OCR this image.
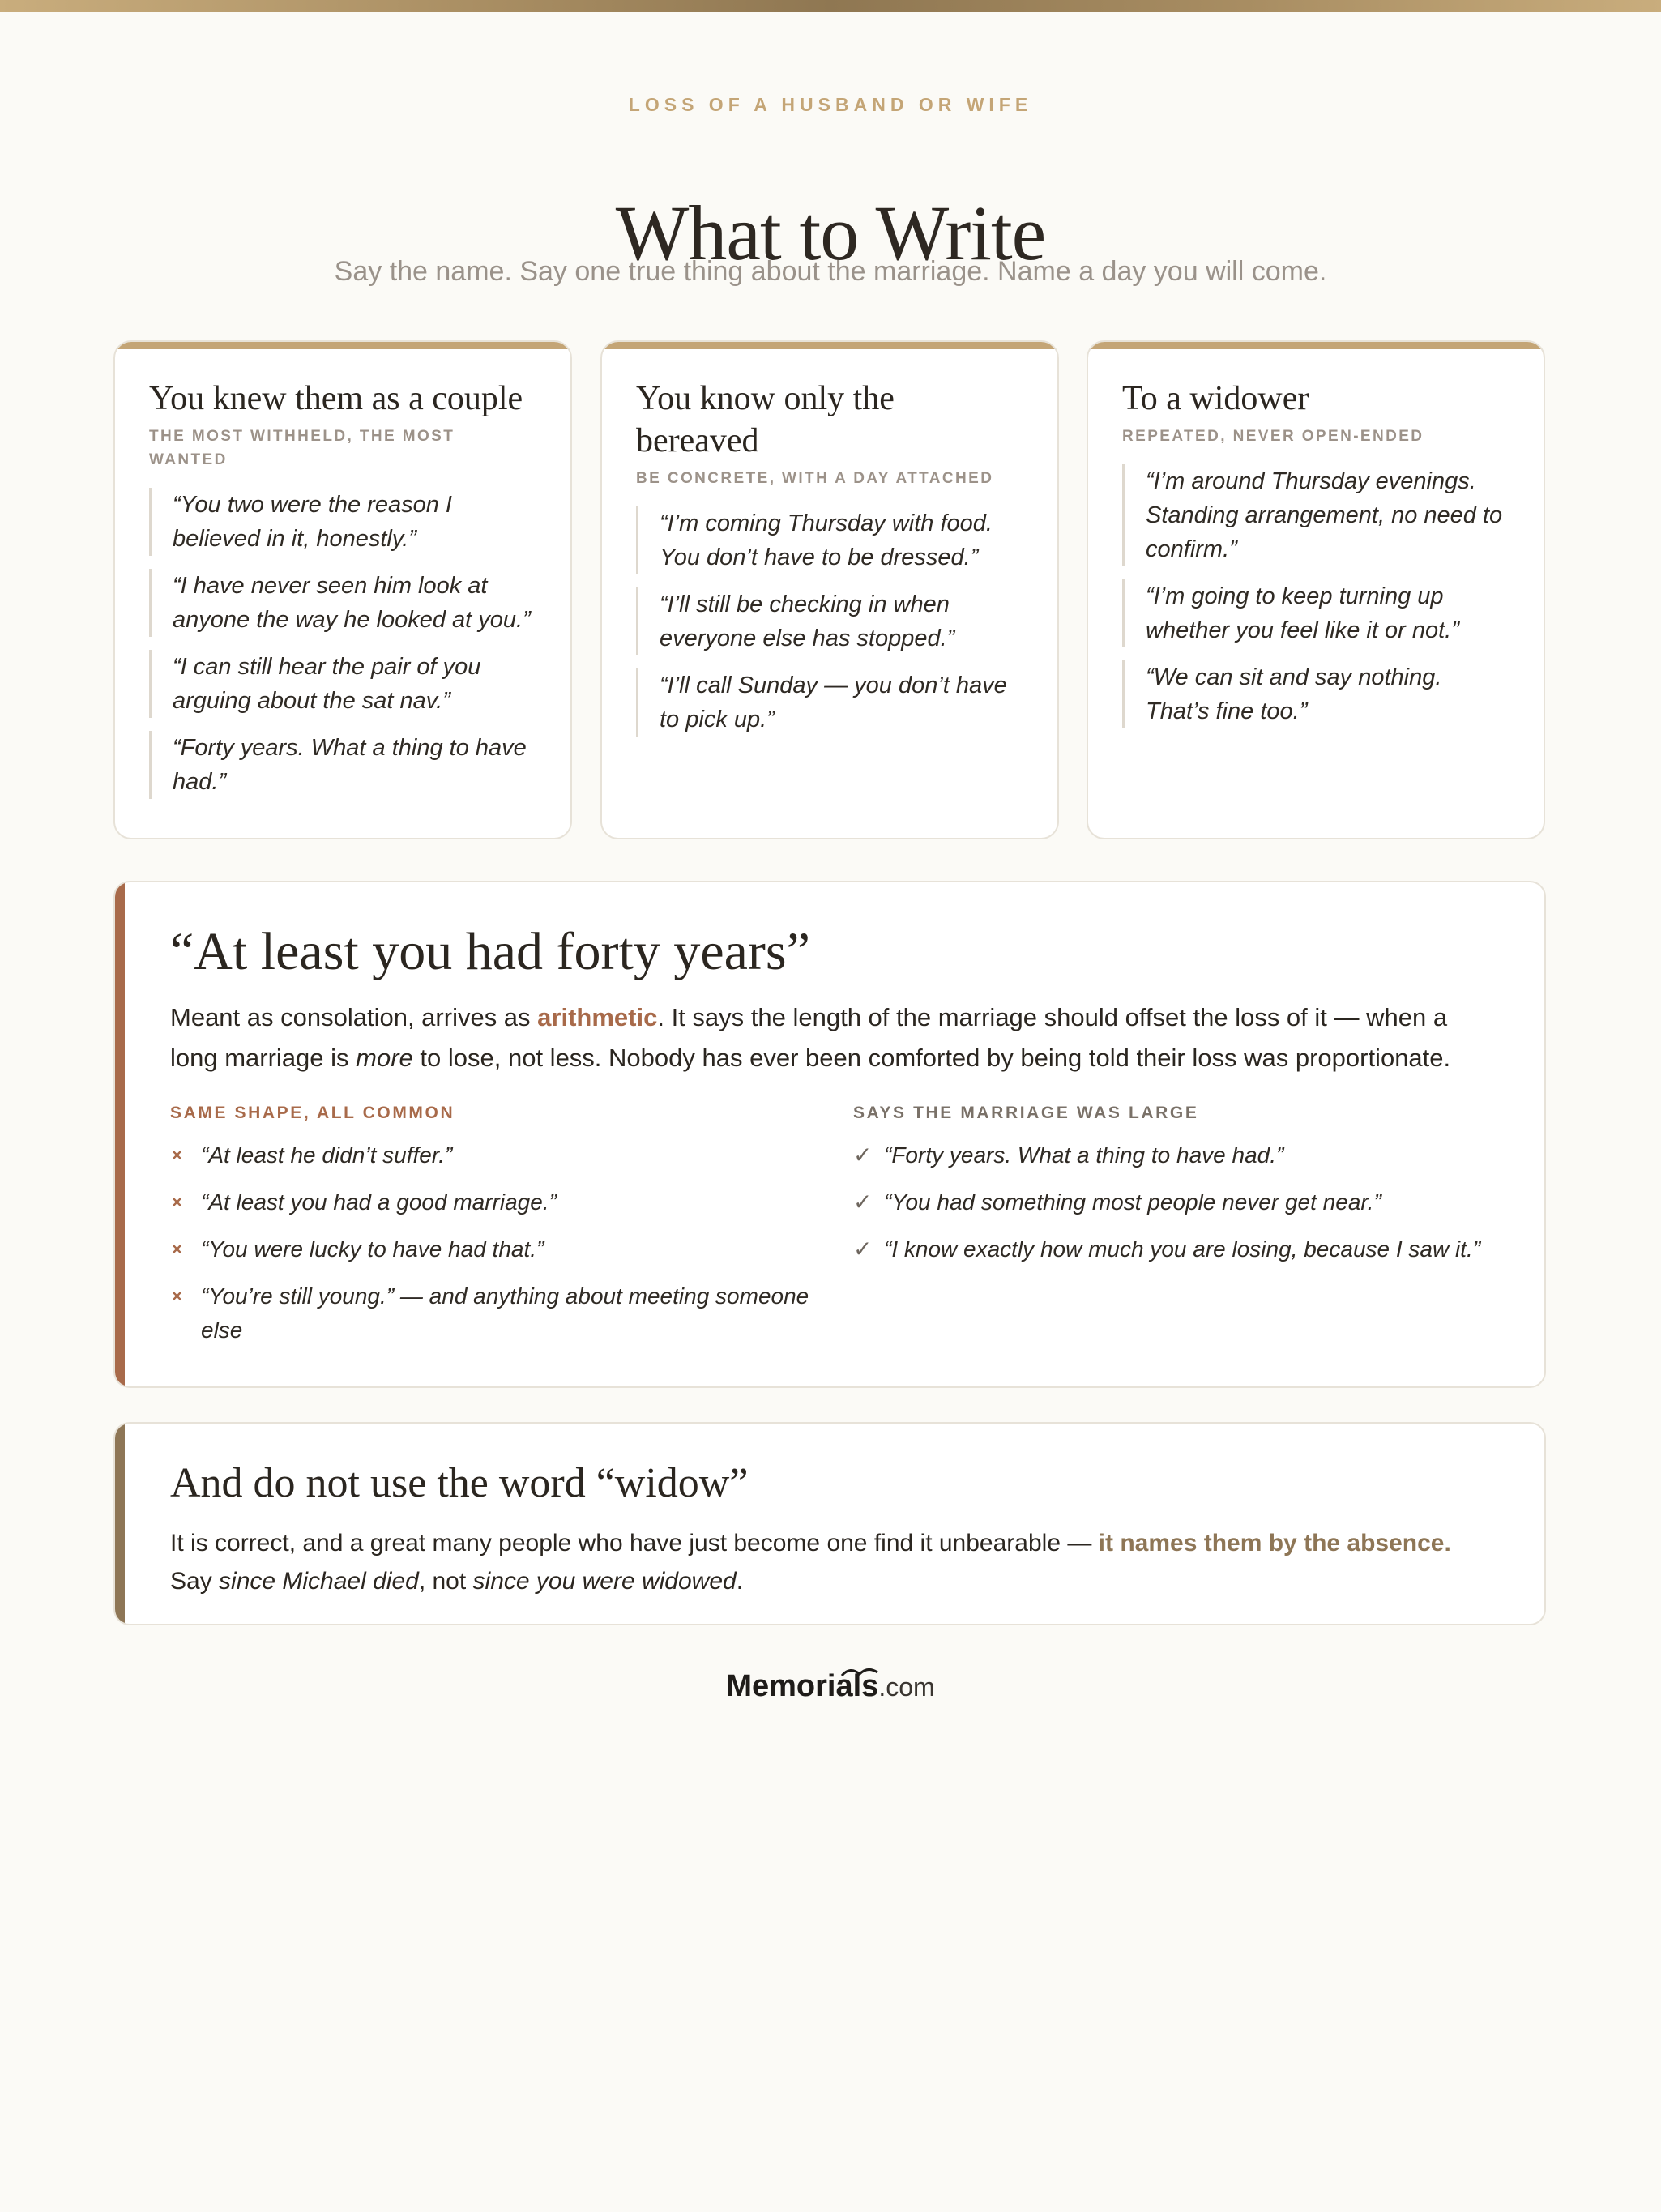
LOSS OF A HUSBAND OR WIFE
What to Write
Say the name. Say one true thing about the marriage. Name a day you will come.
You knew them as a couple
THE MOST WITHHELD, THE MOST WANTED
“You two were the reason I believed in it, honestly.”
“I have never seen him look at anyone the way he looked at you.”
“I can still hear the pair of you arguing about the sat nav.”
“Forty years. What a thing to have had.”
You know only the bereaved
BE CONCRETE, WITH A DAY ATTACHED
“I’m coming Thursday with food. You don’t have to be dressed.”
“I’ll still be checking in when everyone else has stopped.”
“I’ll call Sunday — you don’t have to pick up.”
To a widower
REPEATED, NEVER OPEN-ENDED
“I’m around Thursday evenings. Standing arrangement, no need to confirm.”
“I’m going to keep turning up whether you feel like it or not.”
“We can sit and say nothing. That’s fine too.”
“At least you had forty years”
Meant as consolation, arrives as arithmetic. It says the length of the marriage should offset the loss of it — when a long marriage is more to lose, not less. Nobody has ever been comforted by being told their loss was proportionate.
SAME SHAPE, ALL COMMON
× “At least he didn’t suffer.”
× “At least you had a good marriage.”
× “You were lucky to have had that.”
× “You’re still young.” — and anything about meeting someone else
SAYS THE MARRIAGE WAS LARGE
✓ “Forty years. What a thing to have had.”
✓ “You had something most people never get near.”
✓ “I know exactly how much you are losing, because I saw it.”
And do not use the word “widow”
It is correct, and a great many people who have just become one find it unbearable — it names them by the absence. Say since Michael died, not since you were widowed.
Memorials.com
